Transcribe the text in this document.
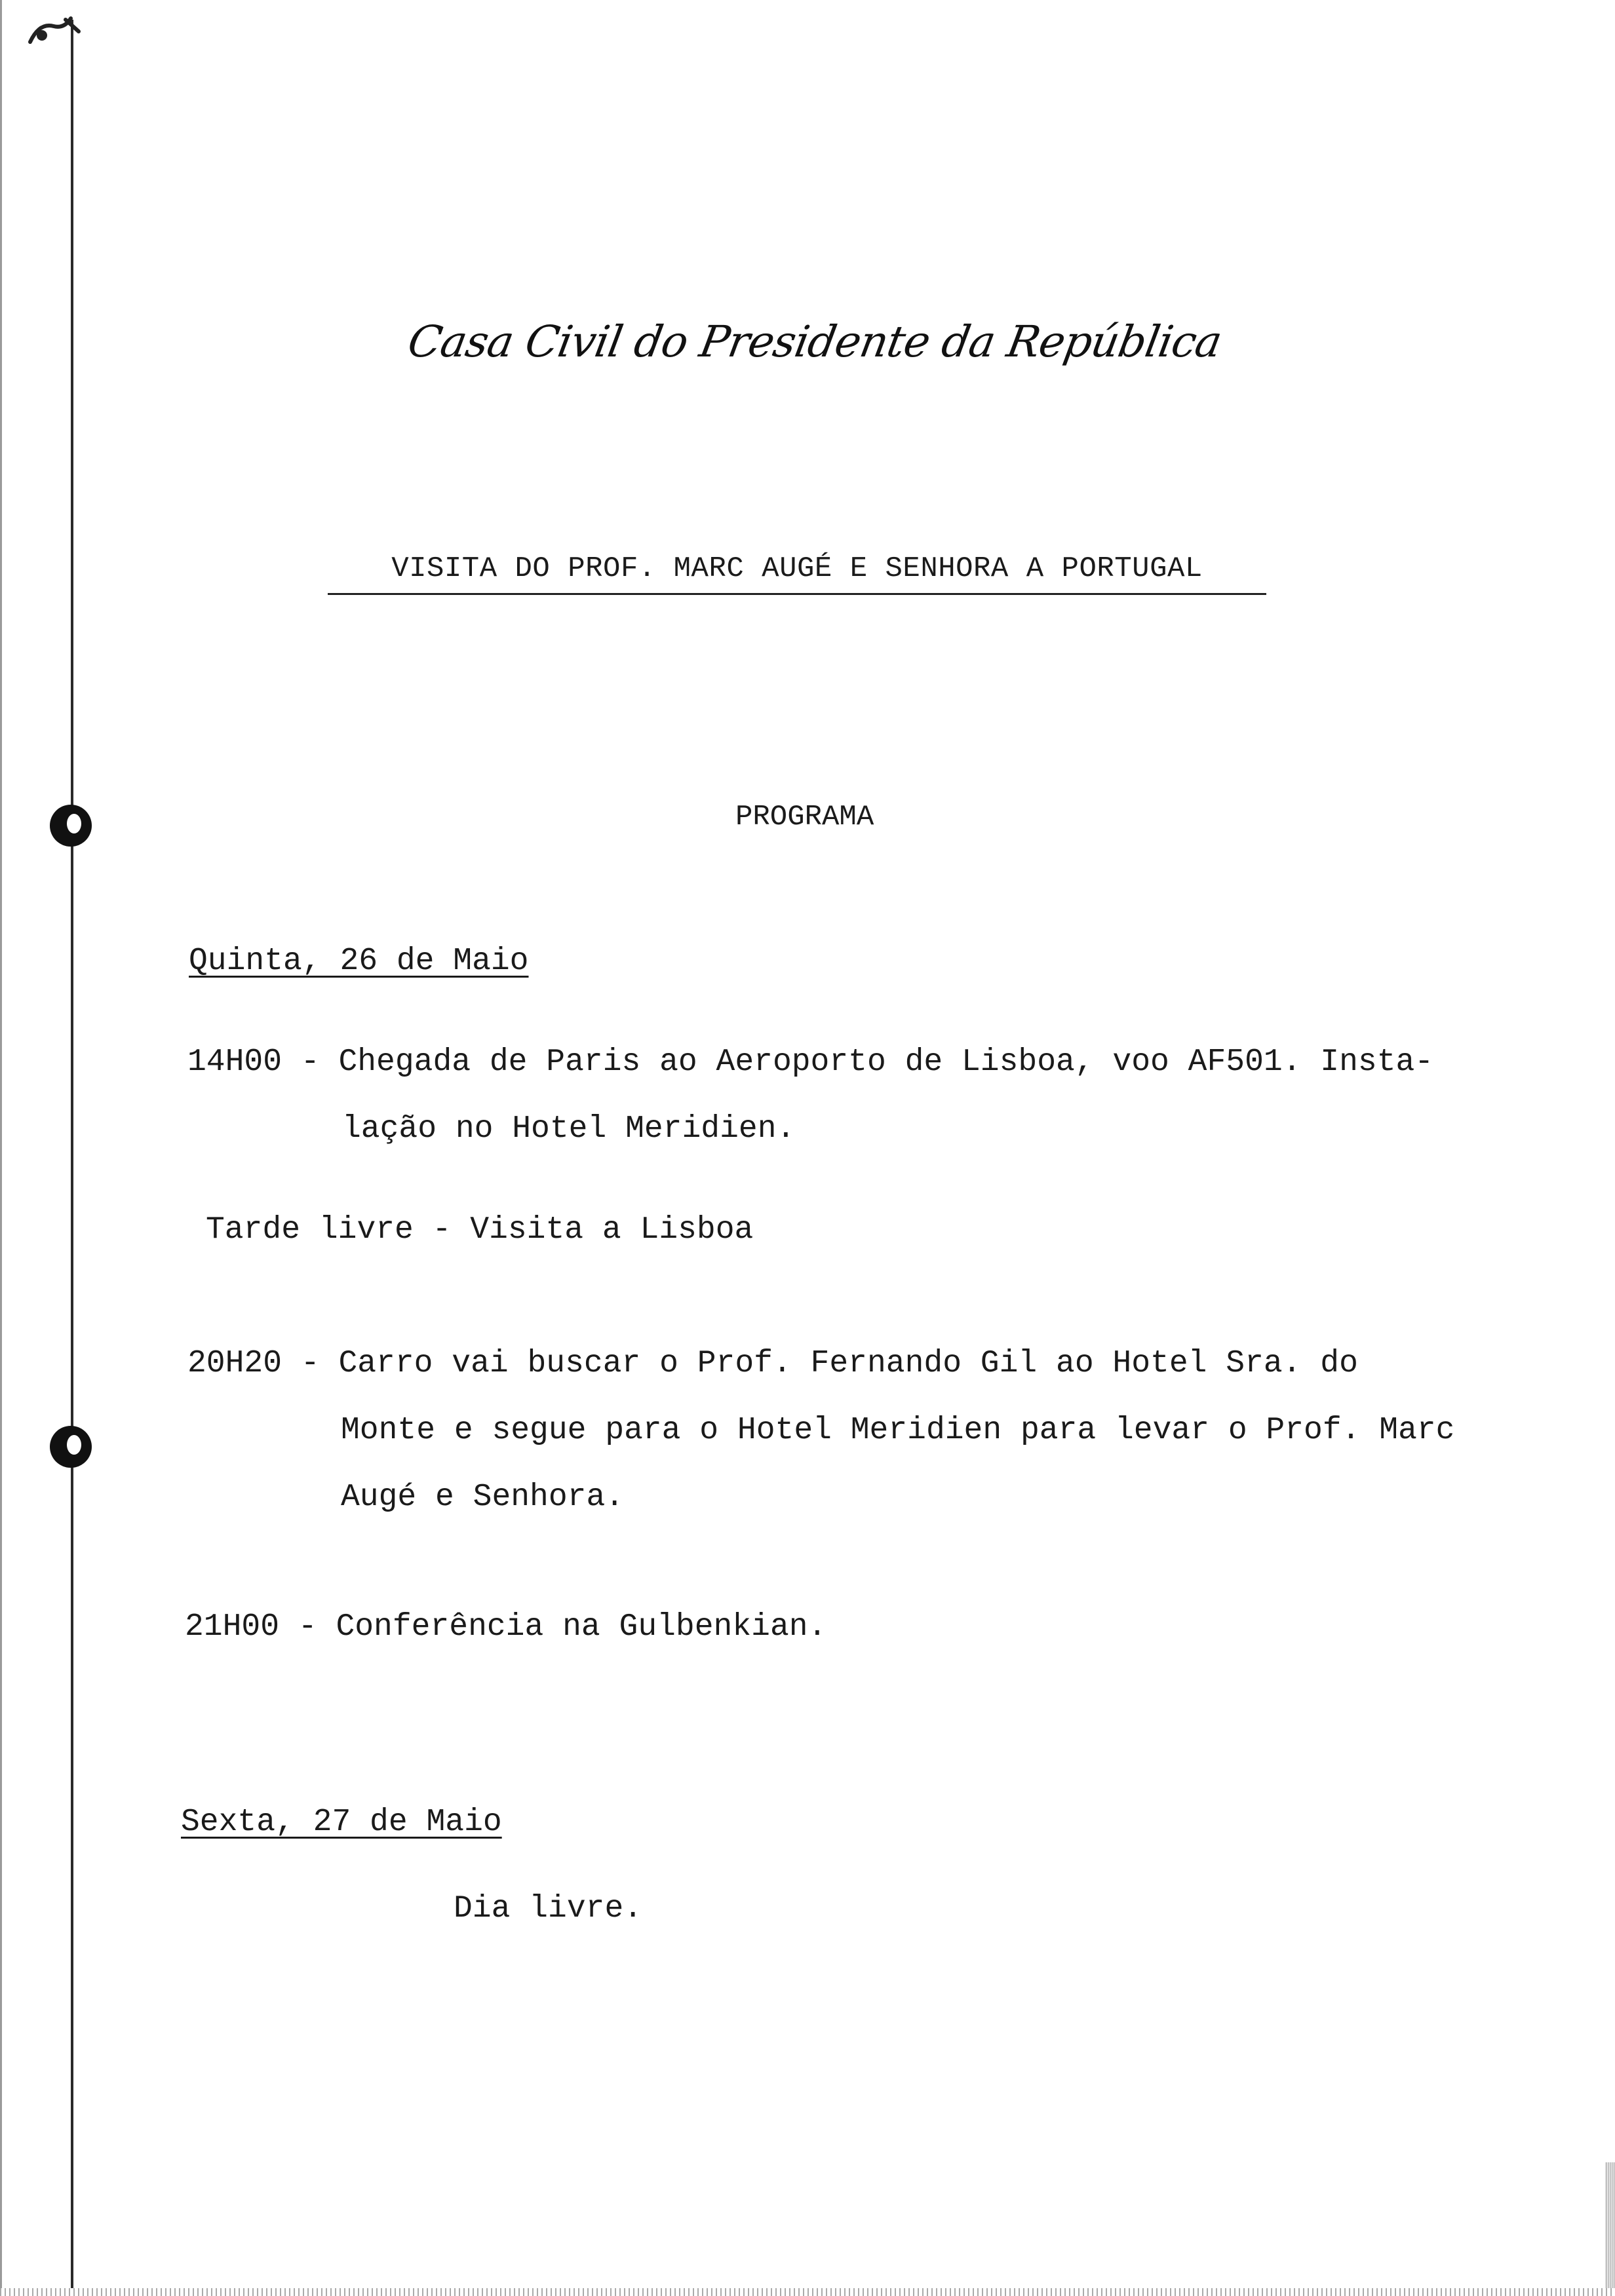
Casa Civil do Presidente da República
VISITA DO PROF. MARC AUGÉ E SENHORA A PORTUGAL
PROGRAMA
Quinta, 26 de Maio
14H00 - Chegada de Paris ao Aeroporto de Lisboa, voo AF501. Insta-
lação no Hotel Meridien.
Tarde livre - Visita a Lisboa
20H20 - Carro vai buscar o Prof. Fernando Gil ao Hotel Sra. do
Monte e segue para o Hotel Meridien para levar o Prof. Marc
Augé e Senhora.
21H00 - Conferência na Gulbenkian.
Sexta, 27 de Maio
Dia livre.
